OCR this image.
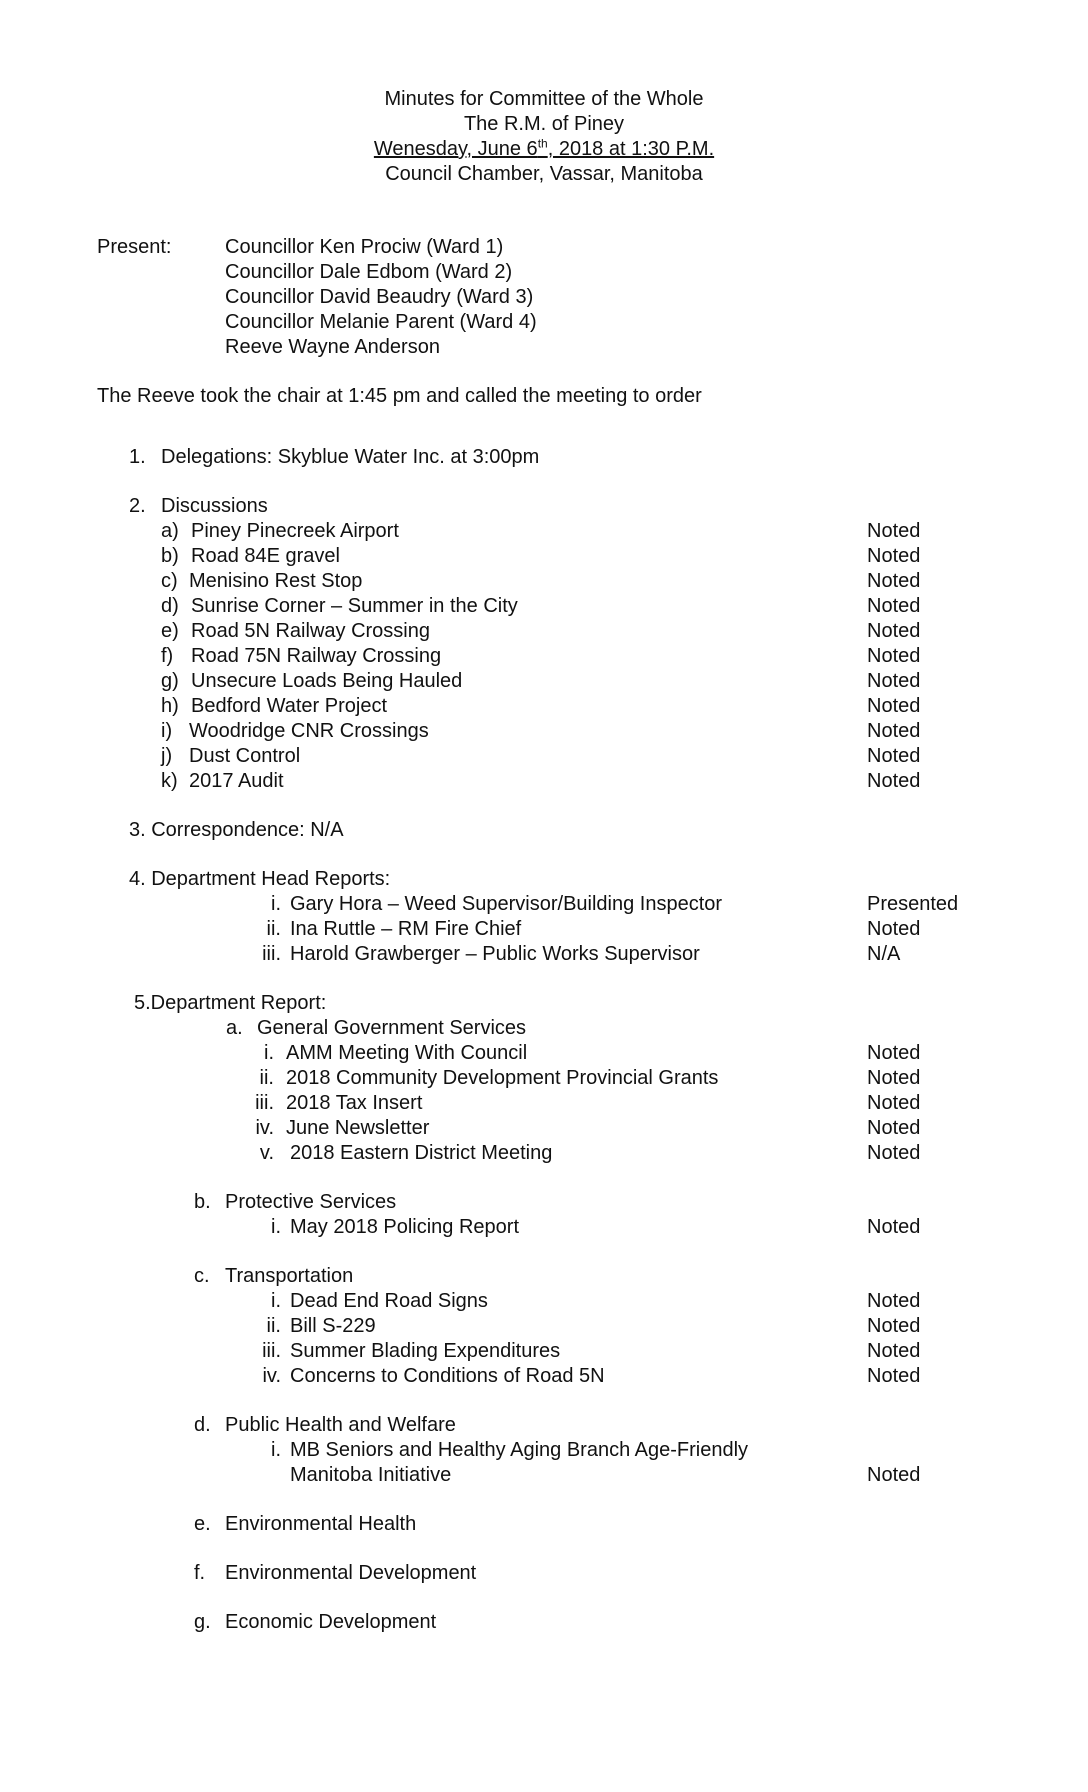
Minutes for Committee of the Whole
The R.M. of Piney
Wenesday, June 6th, 2018 at 1:30 P.M.
Council Chamber, Vassar, Manitoba
Present:	Councillor Ken Prociw (Ward 1)
Councillor Dale Edbom (Ward 2)
Councillor David Beaudry (Ward 3)
Councillor Melanie Parent (Ward 4)
Reeve Wayne Anderson
The Reeve took the chair at 1:45 pm and called the meeting to order
1. Delegations: Skyblue Water Inc. at 3:00pm
2. Discussions
a) Piney Pinecreek Airport	Noted
b) Road 84E gravel	Noted
c) Menisino Rest Stop	Noted
d) Sunrise Corner – Summer in the City	Noted
e) Road 5N Railway Crossing	Noted
f) Road 75N Railway Crossing	Noted
g) Unsecure Loads Being Hauled	Noted
h) Bedford Water Project	Noted
i) Woodridge CNR Crossings	Noted
j) Dust Control	Noted
k) 2017 Audit	Noted
3. Correspondence: N/A
4. Department Head Reports:
i. Gary Hora – Weed Supervisor/Building Inspector	Presented
ii. Ina Ruttle – RM Fire Chief	Noted
iii. Harold Grawberger – Public Works Supervisor	N/A
5.Department Report:
a. General Government Services
i. AMM Meeting With Council	Noted
ii. 2018 Community Development Provincial Grants	Noted
iii. 2018 Tax Insert	Noted
iv. June Newsletter	Noted
v. 2018 Eastern District Meeting	Noted
b. Protective Services
i. May 2018 Policing Report	Noted
c. Transportation
i. Dead End Road Signs	Noted
ii. Bill S-229	Noted
iii. Summer Blading Expenditures	Noted
iv. Concerns to Conditions of Road 5N	Noted
d. Public Health and Welfare
i. MB Seniors and Healthy Aging Branch Age-Friendly
Manitoba Initiative	Noted
e. Environmental Health
f. Environmental Development
g. Economic Development
